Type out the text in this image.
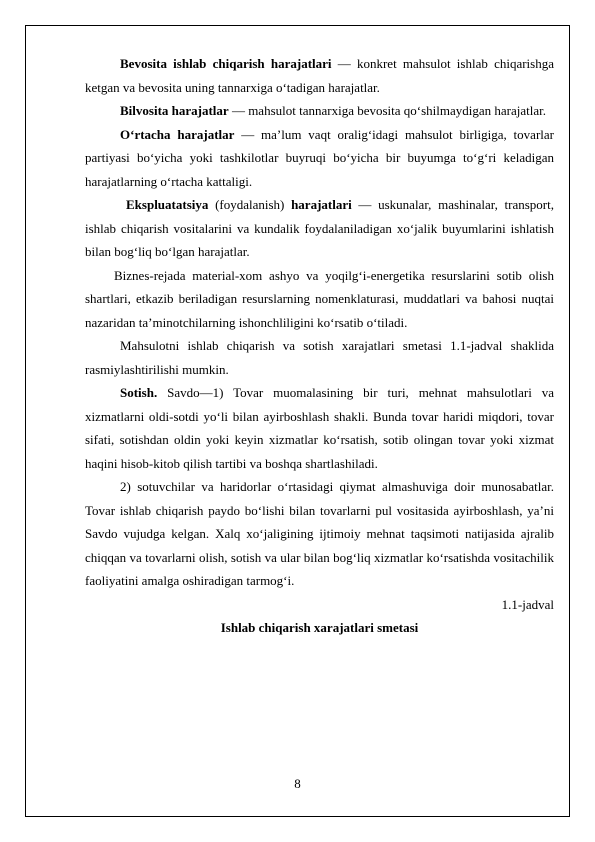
Bevosita ishlab chiqarish harajatlari — konkret mahsulot ishlab chiqarishga ketgan va bevosita uning tannarxiga o‘tadigan harajatlar.

Bilvosita harajatlar — mahsulot tannarxiga bevosita qo‘shilmaydigan harajatlar.

O‘rtacha harajatlar — ma’lum vaqt oralig‘idagi mahsulot birligiga, tovarlar partiyasi bo‘yicha yoki tashkilotlar buyruqi bo‘yicha bir buyumga to‘g‘ri keladigan harajatlarning o‘rtacha kattaligi.

Ekspluatatsiya (foydalanish) harajatlari — uskunalar, mashinalar, transport, ishlab chiqarish vositalarini va kundalik foydalaniladigan xo‘jalik buyumlarini ishlatish bilan bog‘liq bo‘lgan harajatlar.

Biznes-rejada material-xom ashyo va yoqilg‘i-energetika resurslarini sotib olish shartlari, etkazib beriladigan resurslarning nomenklaturasi, muddatlari va bahosi nuqtai nazaridan ta’minotchilarning ishonchliligini ko‘rsatib o‘tiladi.

Mahsulotni ishlab chiqarish va sotish xarajatlari smetasi 1.1-jadval shaklida rasmiylashtirilishi mumkin.

Sotish. Savdo—1) Tovar muomalasining bir turi, mehnat mahsulotlari va xizmatlarni oldi-sotdi yo‘li bilan ayirboshlash shakli. Bunda tovar haridi miqdori, tovar sifati, sotishdan oldin yoki keyin xizmatlar ko‘rsatish, sotib olingan tovar yoki xizmat haqini hisob-kitob qilish tartibi va boshqa shartlashiladi.

2) sotuvchilar va haridorlar o‘rtasidagi qiymat almashuviga doir munosabatlar. Tovar ishlab chiqarish paydo bo‘lishi bilan tovarlarni pul vositasida ayirboshlash, ya’ni Savdo vujudga kelgan. Xalq xo‘jaligining ijtimoiy mehnat taqsimoti natijasida ajralib chiqqan va tovarlarni olish, sotish va ular bilan bog‘liq xizmatlar ko‘rsatishda vositachilik faoliyatini amalga oshiradigan tarmog‘i.

1.1-jadval

Ishlab chiqarish xarajatlari smetasi

8
